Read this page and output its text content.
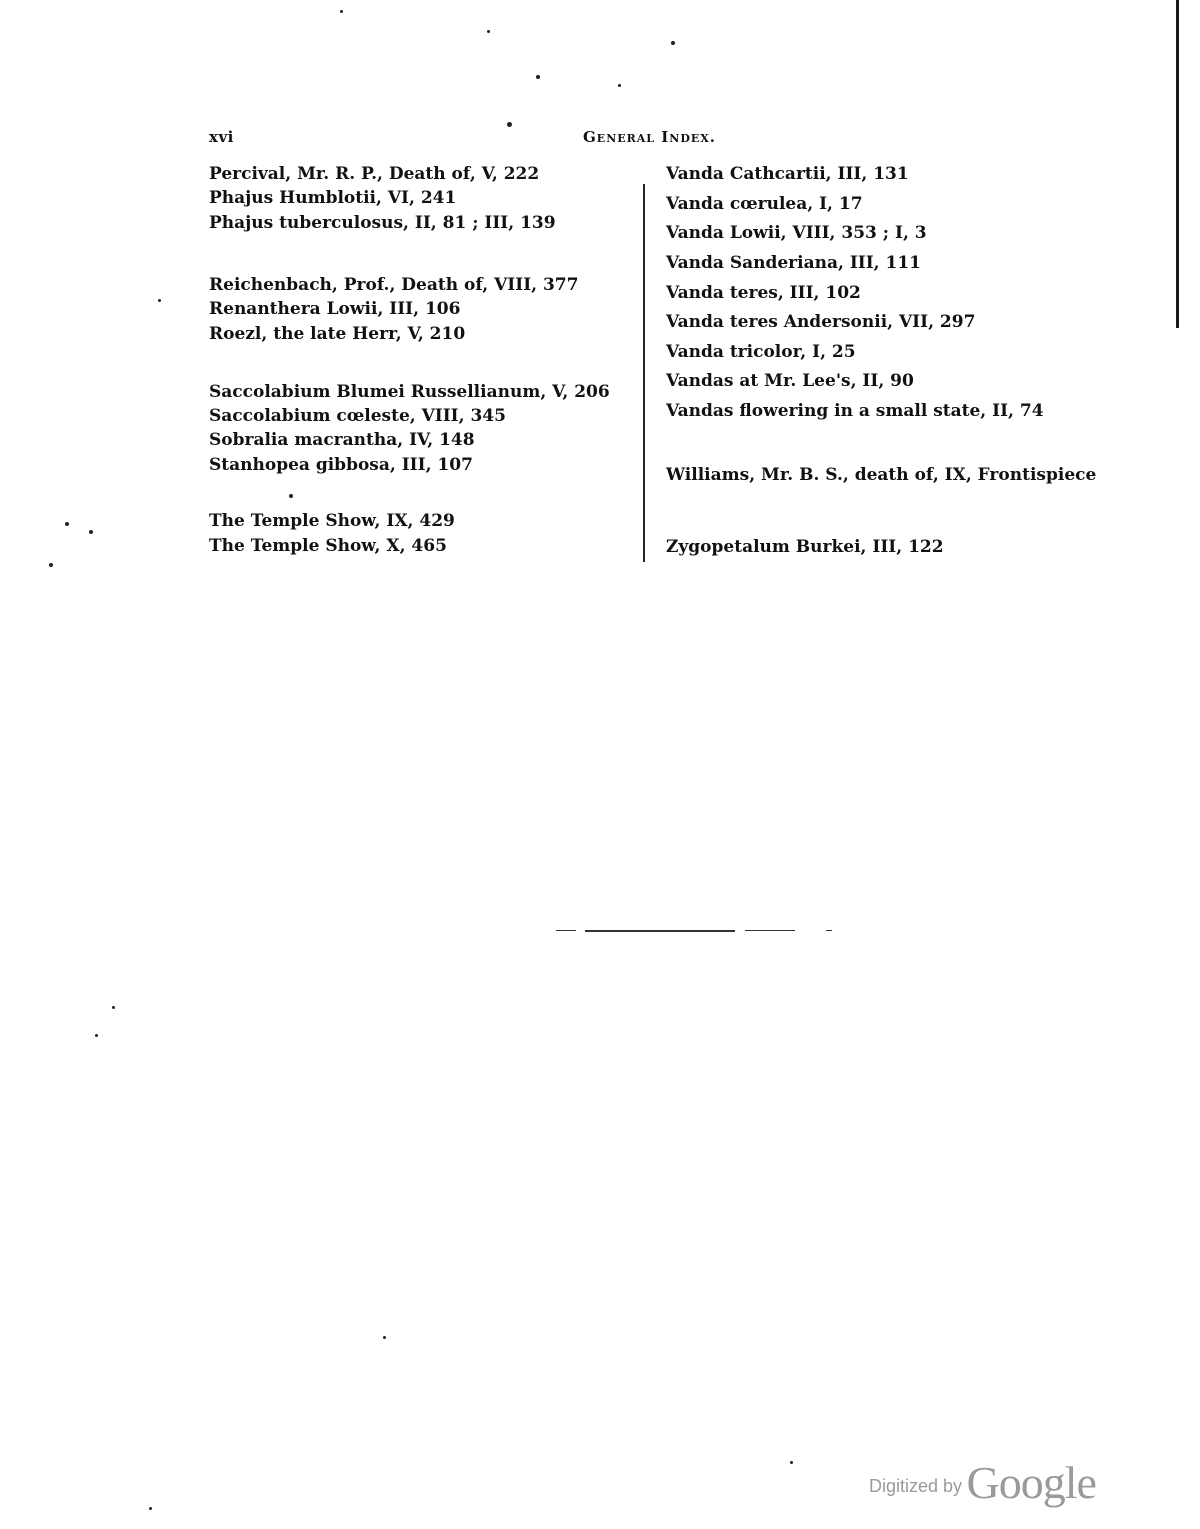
xvi	General Index.
Percival, Mr. R. P., Death of, V, 222
Phajus Humblotii, VI, 241
Phajus tuberculosus, II, 81 ; III, 139
Reichenbach, Prof., Death of, VIII, 377
Renanthera Lowii, III, 106
Roezl, the late Herr, V, 210
Saccolabium Blumei Russellianum, V, 206
Saccolabium cœleste, VIII, 345
Sobralia macrantha, IV, 148
Stanhopea gibbosa, III, 107
The Temple Show, IX, 429
The Temple Show, X, 465
Vanda Cathcartii, III, 131
Vanda cœrulea, I, 17
Vanda Lowii, VIII, 353 ; I, 3
Vanda Sanderiana, III, 111
Vanda teres, III, 102
Vanda teres Andersonii, VII, 297
Vanda tricolor, I, 25
Vandas at Mr. Lee's, II, 90
Vandas flowering in a small state, II, 74
Williams, Mr. B. S., death of, IX, Frontispiece
Zygopetalum Burkei, III, 122
Digitized by Google
